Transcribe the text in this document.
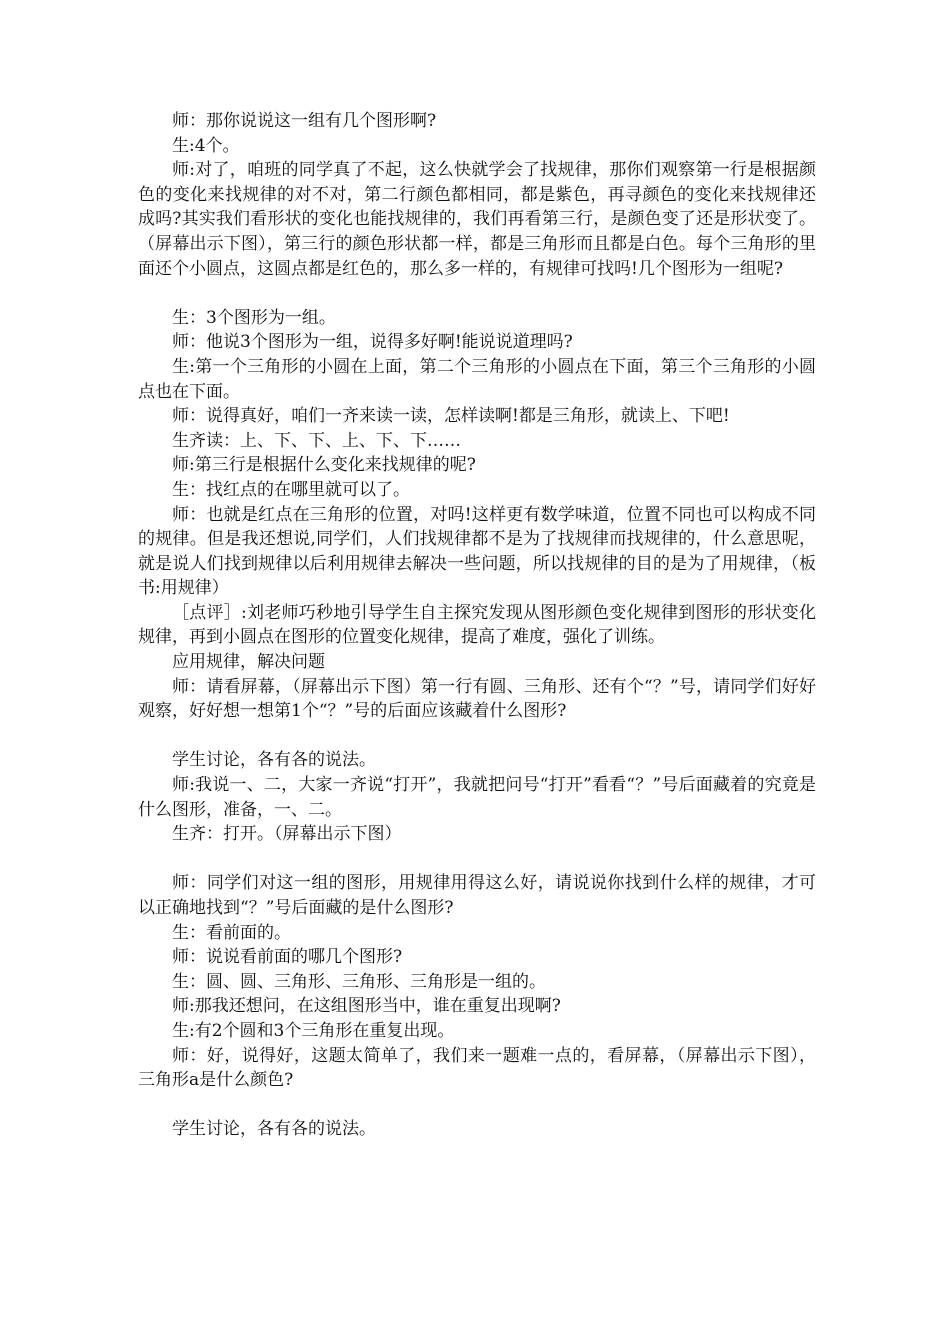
师：那你说说这一组有几个图形啊?

生:4个。

师:对了，咱班的同学真了不起，这么快就学会了找规律，那你们观察第一行是根据颜色的变化来找规律的对不对，第二行颜色都相同，都是紫色，再寻颜色的变化来找规律还成吗?其实我们看形状的变化也能找规律的，我们再看第三行，是颜色变了还是形状变了。（屏幕出示下图），第三行的颜色形状都一样，都是三角形而且都是白色。每个三角形的里面还个小圆点，这圆点都是红色的，那么多一样的，有规律可找吗!几个图形为一组呢?

生：3个图形为一组。

师：他说3个图形为一组，说得多好啊!能说说道理吗?

生:第一个三角形的小圆在上面，第二个三角形的小圆点在下面，第三个三角形的小圆点也在下面。

师：说得真好，咱们一齐来读一读，怎样读啊!都是三角形，就读上、下吧!

生齐读：上、下、下、上、下、下……

师:第三行是根据什么变化来找规律的呢?

生：找红点的在哪里就可以了。

师：也就是红点在三角形的位置，对吗!这样更有数学味道，位置不同也可以构成不同的规律。但是我还想说,同学们，人们找规律都不是为了找规律而找规律的，什么意思呢，就是说人们找到规律以后利用规律去解决一些问题，所以找规律的目的是为了用规律，（板书:用规律）

［点评］:刘老师巧秒地引导学生自主探究发现从图形颜色变化规律到图形的形状变化规律，再到小圆点在图形的位置变化规律，提高了难度，强化了训练。

应用规律，解决问题

师：请看屏幕，（屏幕出示下图）第一行有圆、三角形、还有个“？”号，请同学们好好观察，好好想一想第1个“？”号的后面应该藏着什么图形?

学生讨论，各有各的说法。

师:我说一、二，大家一齐说“打开”，我就把问号“打开”看看“？”号后面藏着的究竟是什么图形，准备，一、二。

生齐：打开。（屏幕出示下图）

师：同学们对这一组的图形，用规律用得这么好，请说说你找到什么样的规律，才可以正确地找到“？”号后面藏的是什么图形?

生：看前面的。

师：说说看前面的哪几个图形?

生：圆、圆、三角形、三角形、三角形是一组的。

师:那我还想问，在这组图形当中，谁在重复出现啊?

生:有2个圆和3个三角形在重复出现。

师：好，说得好，这题太简单了，我们来一题难一点的，看屏幕，（屏幕出示下图），三角形a是什么颜色?

学生讨论，各有各的说法。
